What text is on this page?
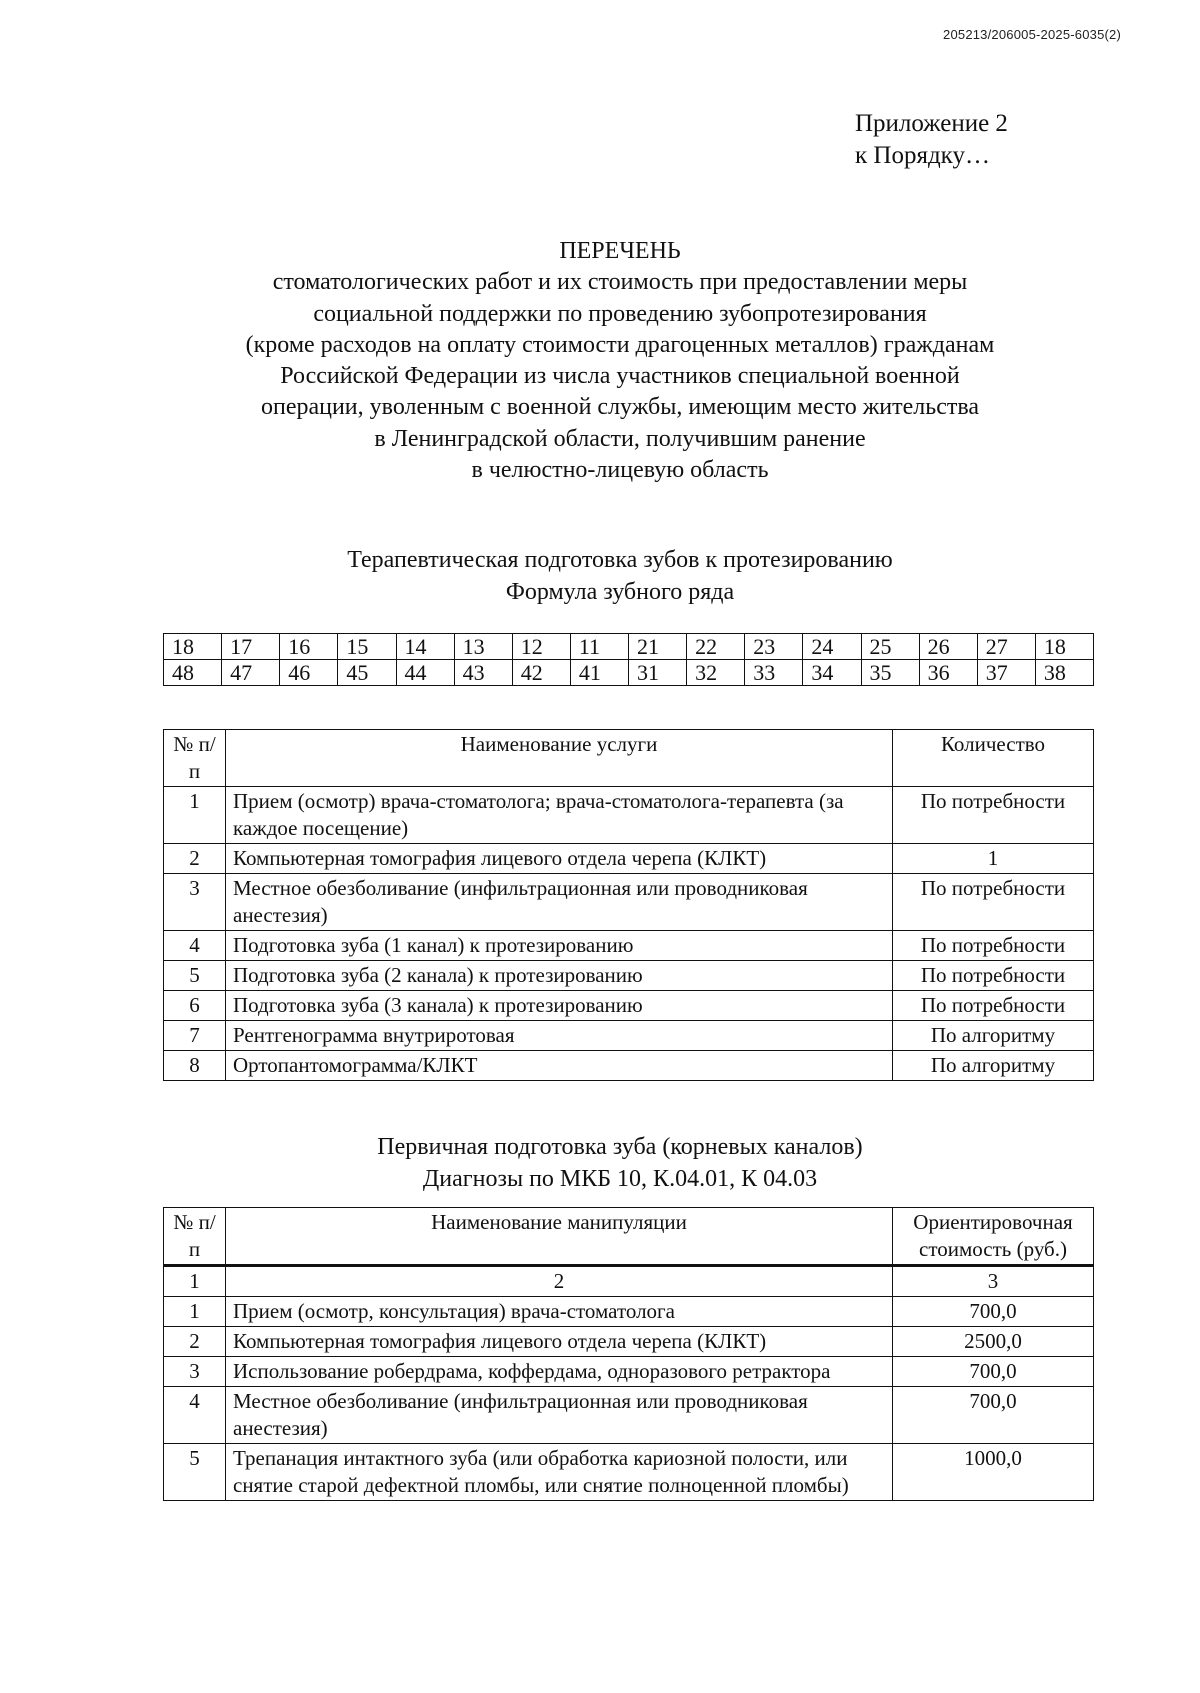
205213/206005-2025-6035(2)
Приложение 2
к Порядку…
ПЕРЕЧЕНЬ
стоматологических работ и их стоимость при предоставлении меры
социальной поддержки по проведению зубопротезирования
(кроме расходов на оплату стоимости драгоценных металлов) гражданам
Российской Федерации из числа участников специальной военной
операции, уволенным с военной службы, имеющим место жительства
в Ленинградской области, получившим ранение
в челюстно-лицевую область
Терапевтическая подготовка зубов к протезированию
Формула зубного ряда
18	17	16	15	14	13	12	11	21	22	23	24	25	26	27	18
48	47	46	45	44	43	42	41	31	32	33	34	35	36	37	38
№ п/п	Наименование услуги	Количество
1	Прием (осмотр) врача-стоматолога; врача-стоматолога-терапевта (за каждое посещение)	По потребности
2	Компьютерная томография лицевого отдела черепа (КЛКТ)	1
3	Местное обезболивание (инфильтрационная или проводниковая анестезия)	По потребности
4	Подготовка зуба (1 канал) к протезированию	По потребности
5	Подготовка зуба (2 канала) к протезированию	По потребности
6	Подготовка зуба (3 канала) к протезированию	По потребности
7	Рентгенограмма внутриротовая	По алгоритму
8	Ортопантомограмма/КЛКТ	По алгоритму
Первичная подготовка зуба (корневых каналов)
Диагнозы по МКБ 10, К.04.01, К 04.03
№ п/п	Наименование манипуляции	Ориентировочная стоимость (руб.)
1	2	3
1	Прием (осмотр, консультация) врача-стоматолога	700,0
2	Компьютерная томография лицевого отдела черепа (КЛКТ)	2500,0
3	Использование робердрама, коффердама, одноразового ретрактора	700,0
4	Местное обезболивание (инфильтрационная или проводниковая анестезия)	700,0
5	Трепанация интактного зуба (или обработка кариозной полости, или снятие старой дефектной пломбы, или снятие полноценной пломбы)	1000,0
